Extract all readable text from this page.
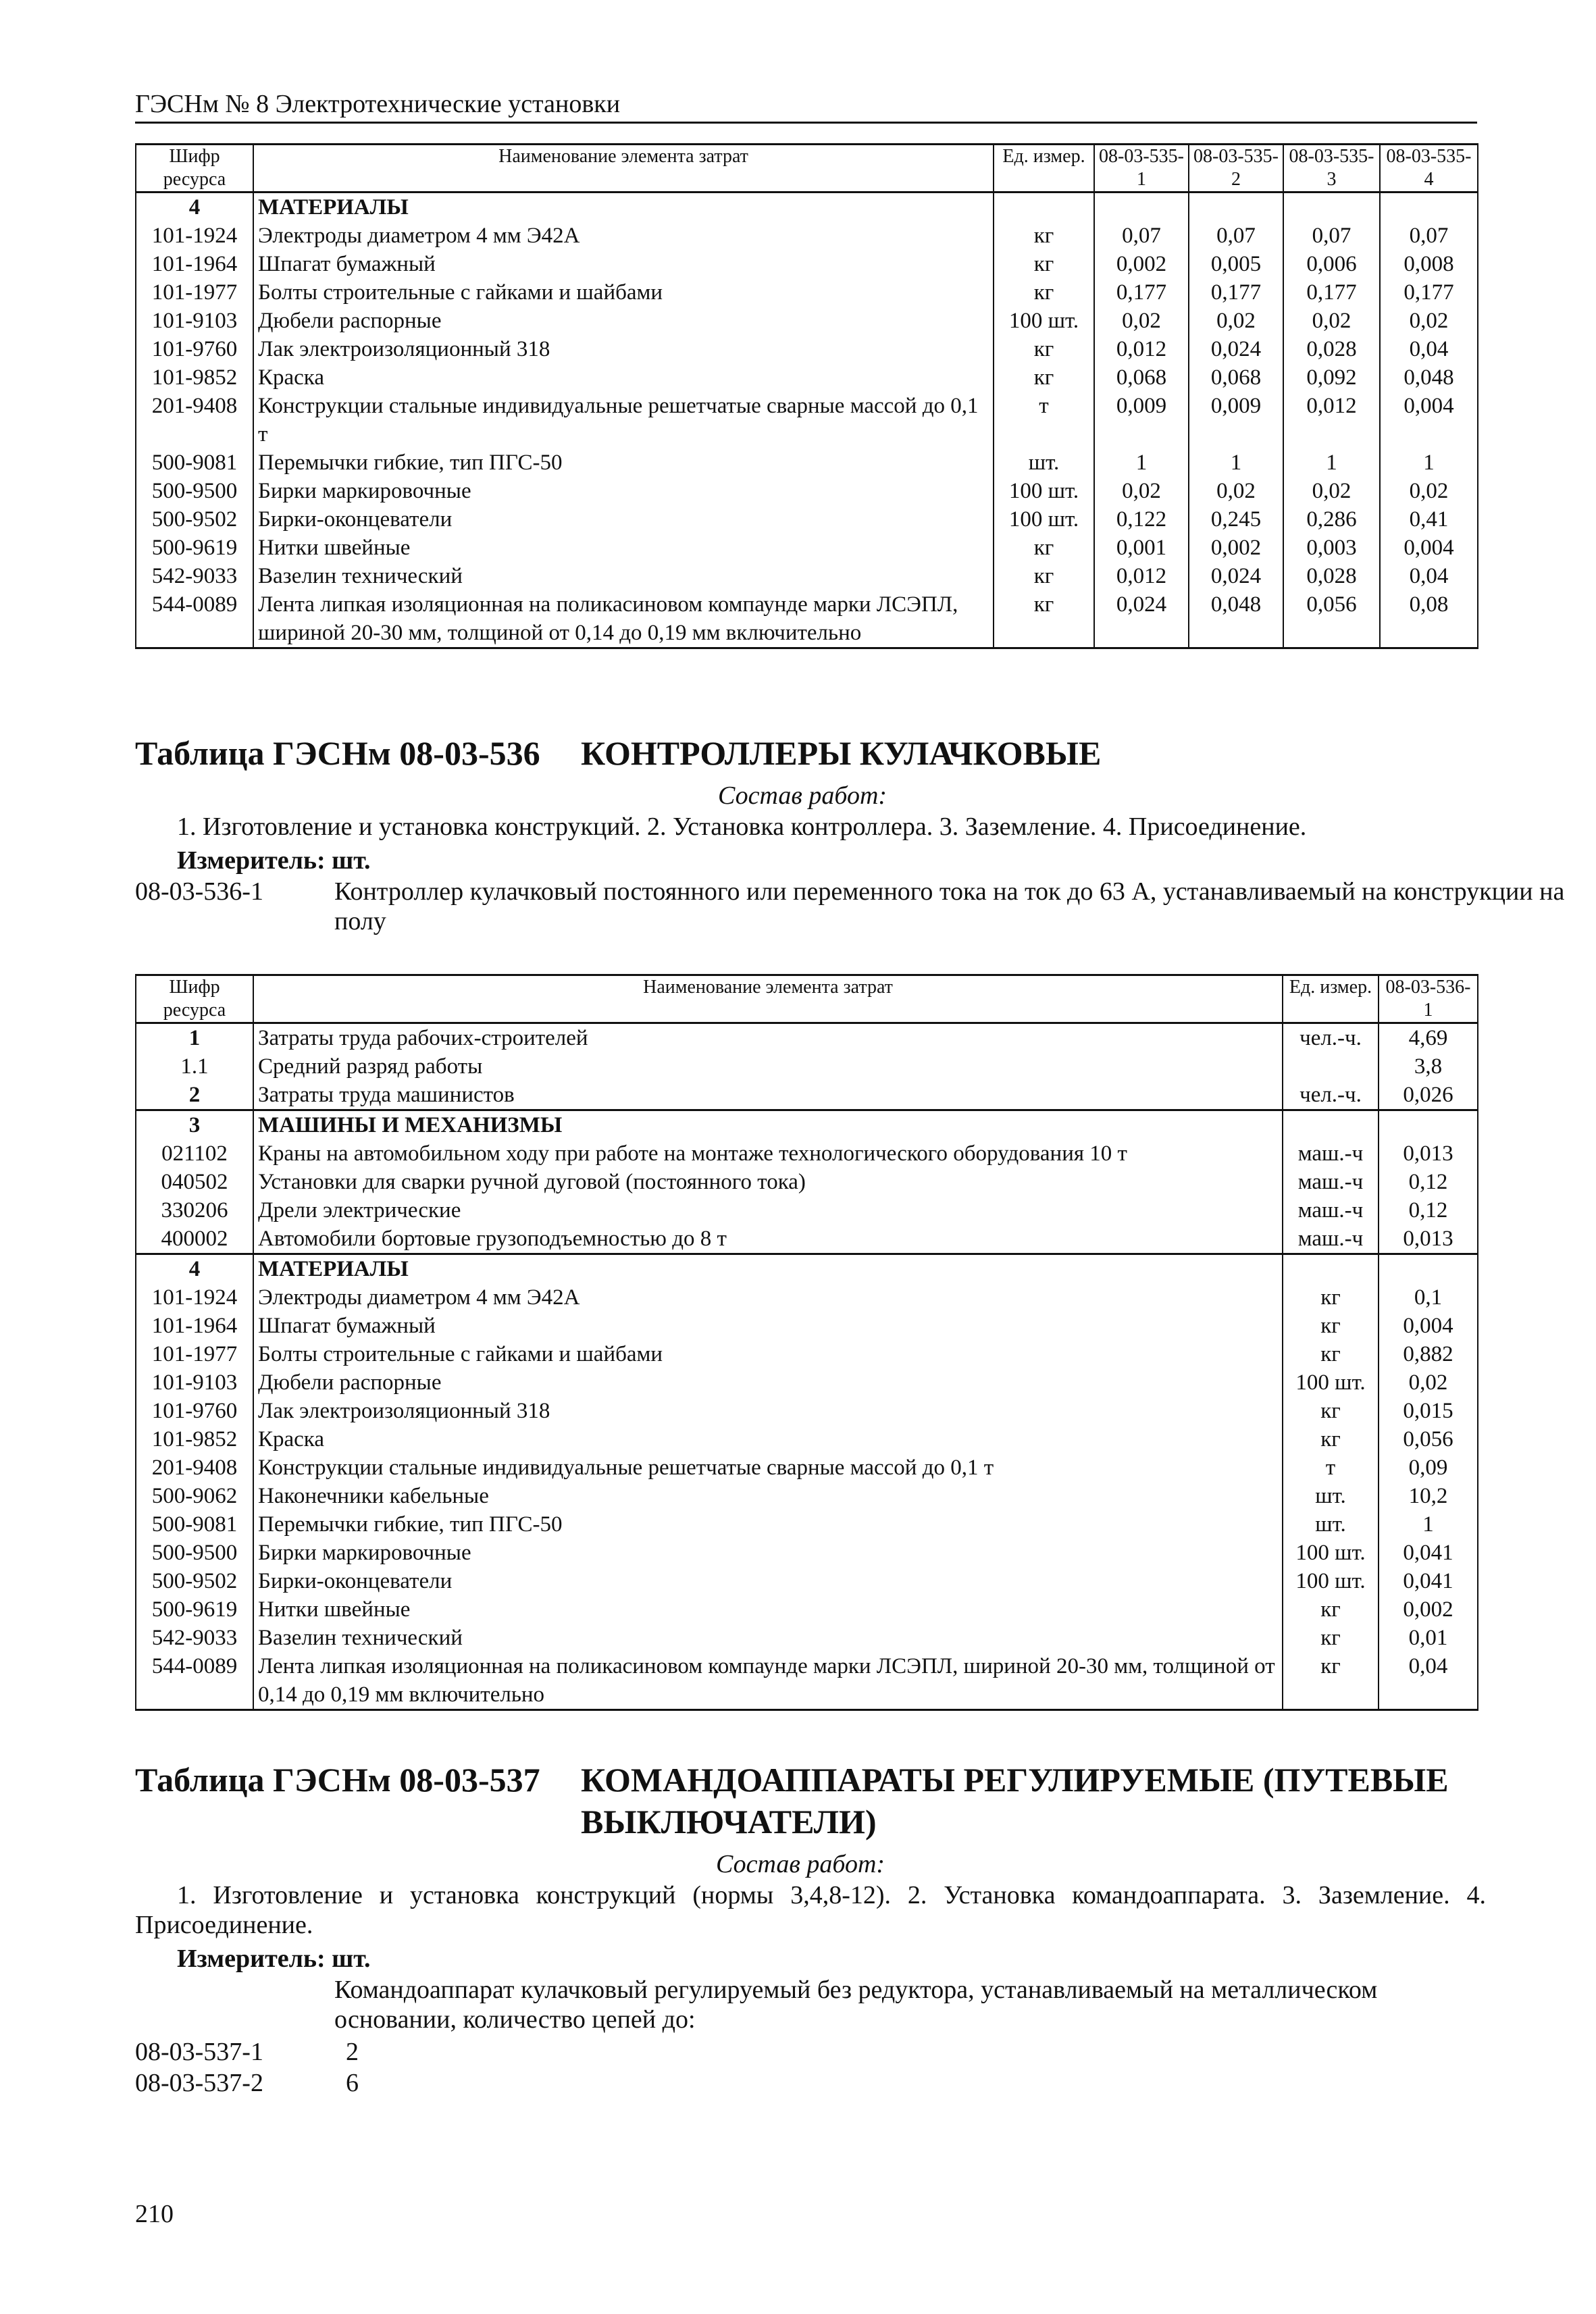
ГЭСНм № 8 Электротехнические установки
Шифр ресурса	Наименование элемента затрат	Ед. измер.	08-03-535-1	08-03-535-2	08-03-535-3	08-03-535-4
4	МАТЕРИАЛЫ					
101-1924	Электроды диаметром 4 мм Э42А	кг	0,07	0,07	0,07	0,07
101-1964	Шпагат бумажный	кг	0,002	0,005	0,006	0,008
101-1977	Болты строительные с гайками и шайбами	кг	0,177	0,177	0,177	0,177
101-9103	Дюбели распорные	100 шт.	0,02	0,02	0,02	0,02
101-9760	Лак электроизоляционный 318	кг	0,012	0,024	0,028	0,04
101-9852	Краска	кг	0,068	0,068	0,092	0,048
201-9408	Конструкции стальные индивидуальные решетчатые сварные массой до 0,1 т	т	0,009	0,009	0,012	0,004
500-9081	Перемычки гибкие, тип ПГС-50	шт.	1	1	1	1
500-9500	Бирки маркировочные	100 шт.	0,02	0,02	0,02	0,02
500-9502	Бирки-оконцеватели	100 шт.	0,122	0,245	0,286	0,41
500-9619	Нитки швейные	кг	0,001	0,002	0,003	0,004
542-9033	Вазелин технический	кг	0,012	0,024	0,028	0,04
544-0089	Лента липкая изоляционная на поликасиновом компаунде марки ЛСЭПЛ, шириной 20-30 мм, толщиной от 0,14 до 0,19 мм включительно	кг	0,024	0,048	0,056	0,08
Таблица ГЭСНм 08-03-536 КОНТРОЛЛЕРЫ КУЛАЧКОВЫЕ
Состав работ:
1. Изготовление и установка конструкций. 2. Установка контроллера. 3. Заземление. 4. Присоединение.
Измеритель: шт.
08-03-536-1	Контроллер кулачковый постоянного или переменного тока на ток до 63 А, устанавливаемый на конструкции на полу
Шифр ресурса	Наименование элемента затрат	Ед. измер.	08-03-536-1
1	Затраты труда рабочих-строителей	чел.-ч.	4,69
1.1	Средний разряд работы		3,8
2	Затраты труда машинистов	чел.-ч.	0,026
3	МАШИНЫ И МЕХАНИЗМЫ		
021102	Краны на автомобильном ходу при работе на монтаже технологического оборудования 10 т	маш.-ч	0,013
040502	Установки для сварки ручной дуговой (постоянного тока)	маш.-ч	0,12
330206	Дрели электрические	маш.-ч	0,12
400002	Автомобили бортовые грузоподъемностью до 8 т	маш.-ч	0,013
4	МАТЕРИАЛЫ		
101-1924	Электроды диаметром 4 мм Э42А	кг	0,1
101-1964	Шпагат бумажный	кг	0,004
101-1977	Болты строительные с гайками и шайбами	кг	0,882
101-9103	Дюбели распорные	100 шт.	0,02
101-9760	Лак электроизоляционный 318	кг	0,015
101-9852	Краска	кг	0,056
201-9408	Конструкции стальные индивидуальные решетчатые сварные массой до 0,1 т	т	0,09
500-9062	Наконечники кабельные	шт.	10,2
500-9081	Перемычки гибкие, тип ПГС-50	шт.	1
500-9500	Бирки маркировочные	100 шт.	0,041
500-9502	Бирки-оконцеватели	100 шт.	0,041
500-9619	Нитки швейные	кг	0,002
542-9033	Вазелин технический	кг	0,01
544-0089	Лента липкая изоляционная на поликасиновом компаунде марки ЛСЭПЛ, шириной 20-30 мм, толщиной от 0,14 до 0,19 мм включительно	кг	0,04
Таблица ГЭСНм 08-03-537 КОМАНДОАППАРАТЫ РЕГУЛИРУЕМЫЕ (ПУТЕВЫЕ
ВЫКЛЮЧАТЕЛИ)
Состав работ:
1. Изготовление и установка конструкций (нормы 3,4,8-12). 2. Установка командоаппарата. 3. Заземление. 4. Присоединение.
Измеритель: шт.
Командоаппарат кулачковый регулируемый без редуктора, устанавливаемый на металлическом основании, количество цепей до:
08-03-537-1	2
08-03-537-2	6
210
